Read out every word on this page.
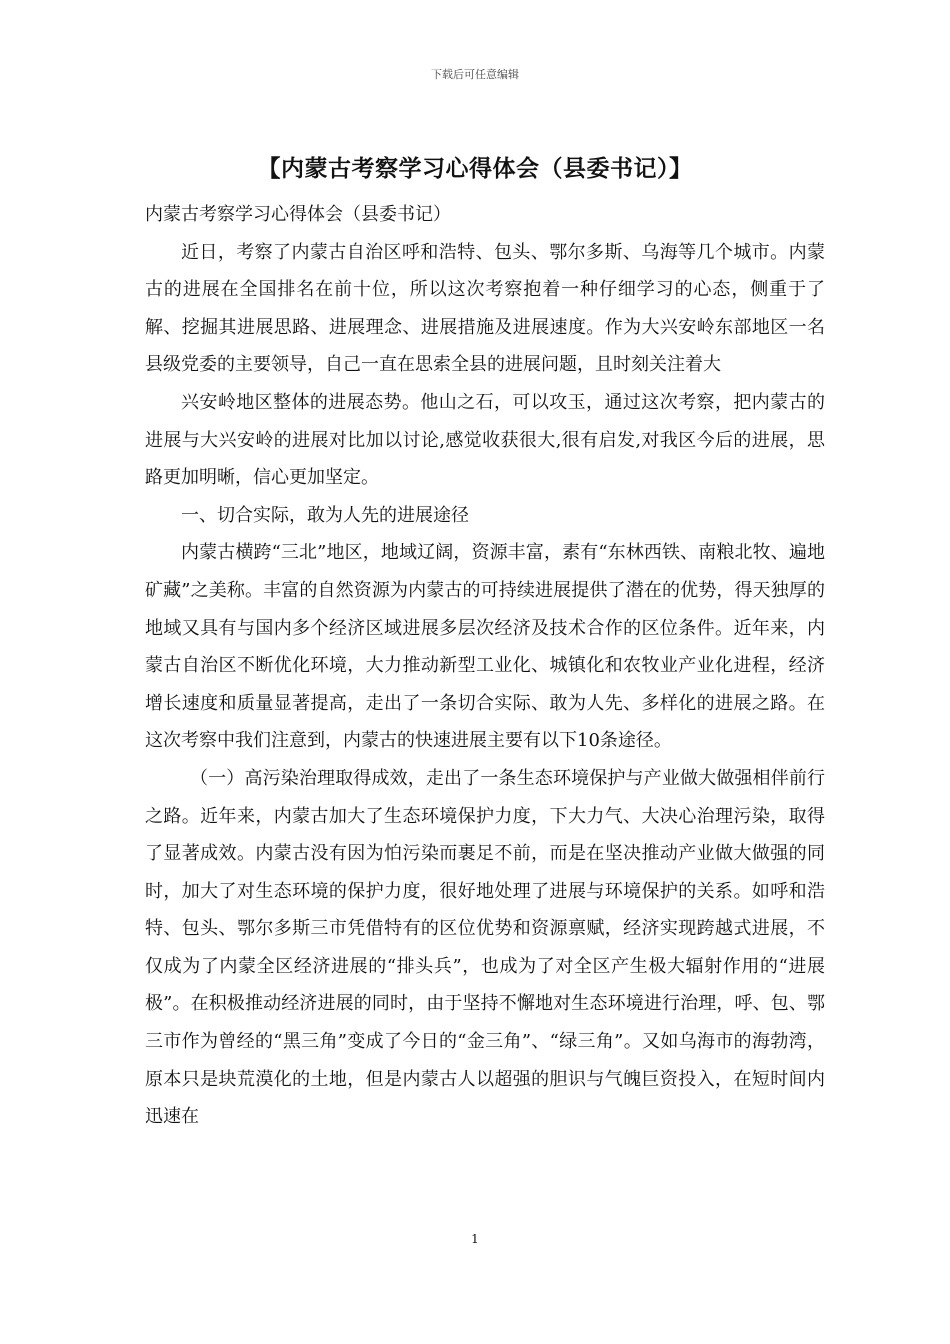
下载后可任意编辑
【内蒙古考察学习心得体会（县委书记）】

内蒙古考察学习心得体会（县委书记）

近日，考察了内蒙古自治区呼和浩特、包头、鄂尔多斯、乌海等几个城市。内蒙古的进展在全国排名在前十位，所以这次考察抱着一种仔细学习的心态，侧重于了解、挖掘其进展思路、进展理念、进展措施及进展速度。作为大兴安岭东部地区一名县级党委的主要领导，自己一直在思索全县的进展问题，且时刻关注着大

兴安岭地区整体的进展态势。他山之石，可以攻玉，通过这次考察，把内蒙古的进展与大兴安岭的进展对比加以讨论,感觉收获很大,很有启发,对我区今后的进展，思路更加明晰，信心更加坚定。

一、切合实际，敢为人先的进展途径

内蒙古横跨“三北”地区，地域辽阔，资源丰富，素有“东林西铁、南粮北牧、遍地矿藏”之美称。丰富的自然资源为内蒙古的可持续进展提供了潜在的优势，得天独厚的地域又具有与国内多个经济区域进展多层次经济及技术合作的区位条件。近年来，内蒙古自治区不断优化环境，大力推动新型工业化、城镇化和农牧业产业化进程，经济增长速度和质量显著提高，走出了一条切合实际、敢为人先、多样化的进展之路。在这次考察中我们注意到，内蒙古的快速进展主要有以下10条途径。

（一）高污染治理取得成效，走出了一条生态环境保护与产业做大做强相伴前行之路。近年来，内蒙古加大了生态环境保护力度，下大力气、大决心治理污染，取得了显著成效。内蒙古没有因为怕污染而裹足不前，而是在坚决推动产业做大做强的同时，加大了对生态环境的保护力度，很好地处理了进展与环境保护的关系。如呼和浩特、包头、鄂尔多斯三市凭借特有的区位优势和资源禀赋，经济实现跨越式进展，不仅成为了内蒙全区经济进展的“排头兵”，也成为了对全区产生极大辐射作用的“进展极”。在积极推动经济进展的同时，由于坚持不懈地对生态环境进行治理，呼、包、鄂三市作为曾经的“黑三角”变成了今日的“金三角”、“绿三角”。又如乌海市的海勃湾，原本只是块荒漠化的土地，但是内蒙古人以超强的胆识与气魄巨资投入，在短时间内迅速在

1
